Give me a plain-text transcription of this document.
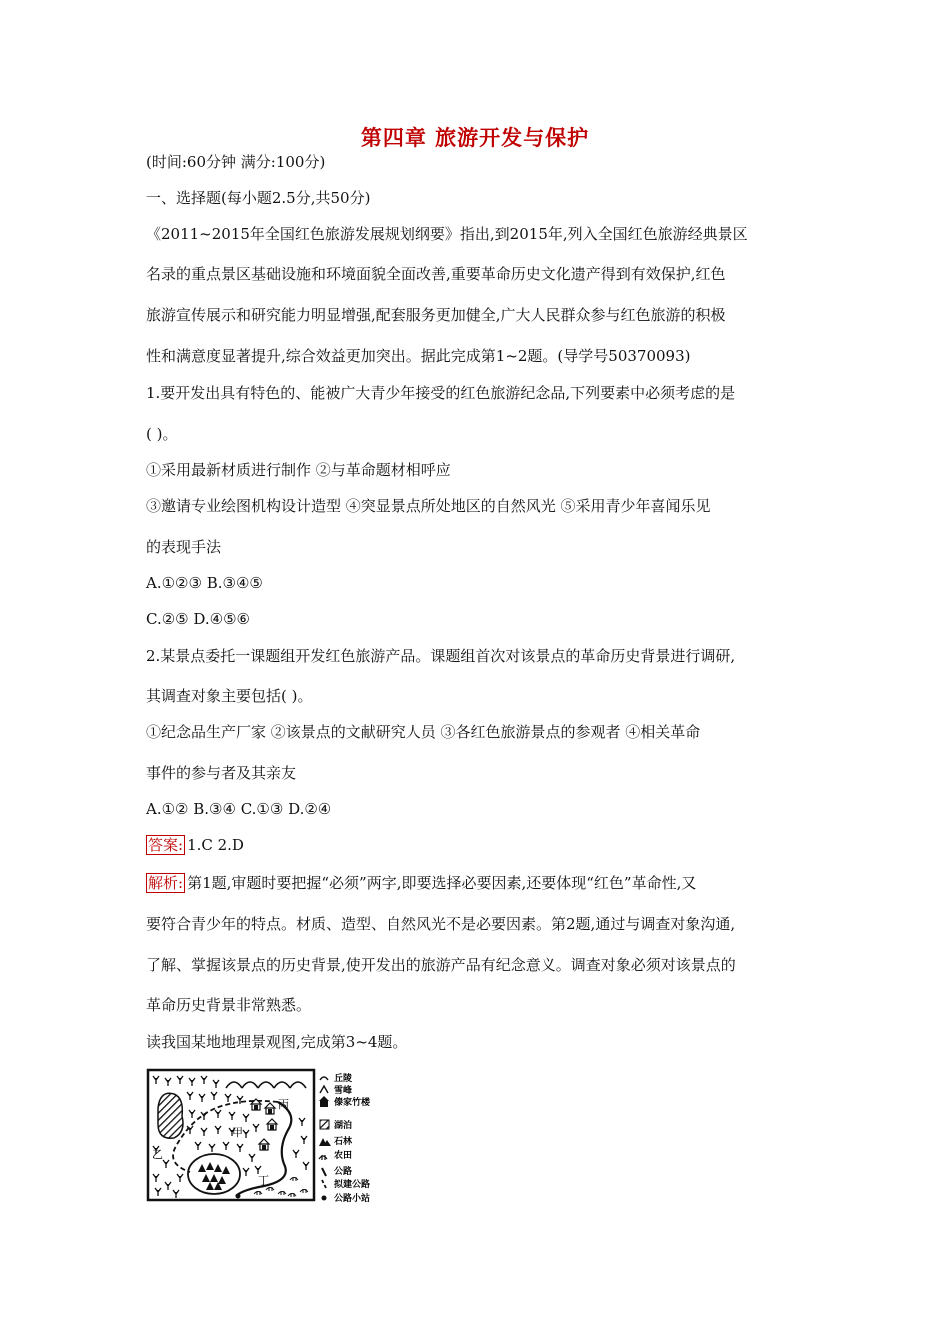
第四章 旅游开发与保护
(时间:60分钟 满分:100分)
一、选择题(每小题2.5分,共50分)
《2011~2015年全国红色旅游发展规划纲要》指出,到2015年,列入全国红色旅游经典景区
名录的重点景区基础设施和环境面貌全面改善,重要革命历史文化遗产得到有效保护,红色
旅游宣传展示和研究能力明显增强,配套服务更加健全,广大人民群众参与红色旅游的积极
性和满意度显著提升,综合效益更加突出。据此完成第1~2题。(导学号50370093)
1.要开发出具有特色的、能被广大青少年接受的红色旅游纪念品,下列要素中必须考虑的是
( )。
①采用最新材质进行制作 ②与革命题材相呼应
③邀请专业绘图机构设计造型 ④突显景点所处地区的自然风光 ⑤采用青少年喜闻乐见
的表现手法
A.①②③ B.③④⑤
C.②⑤ D.④⑤⑥
2.某景点委托一课题组开发红色旅游产品。课题组首次对该景点的革命历史背景进行调研,
其调查对象主要包括( )。
①纪念品生产厂家 ②该景点的文献研究人员 ③各红色旅游景点的参观者 ④相关革命
事件的参与者及其亲友
A.①② B.③④ C.①③ D.②④
答案: 1.C 2.D
解析: 第1题,审题时要把握“必须”两字,即要选择必要因素,还要体现“红色”革命性,又
要符合青少年的特点。材质、造型、自然风光不是必要因素。第2题,通过与调查对象沟通,
了解、掌握该景点的历史背景,使开发出的旅游产品有纪念意义。调查对象必须对该景点的
革命历史背景非常熟悉。
读我国某地地理景观图,完成第3~4题。
丙
甲
乙
丁
丘陵
雪峰
傣家竹楼
湖泊
石林
农田
公路
拟建公路
公路小站
